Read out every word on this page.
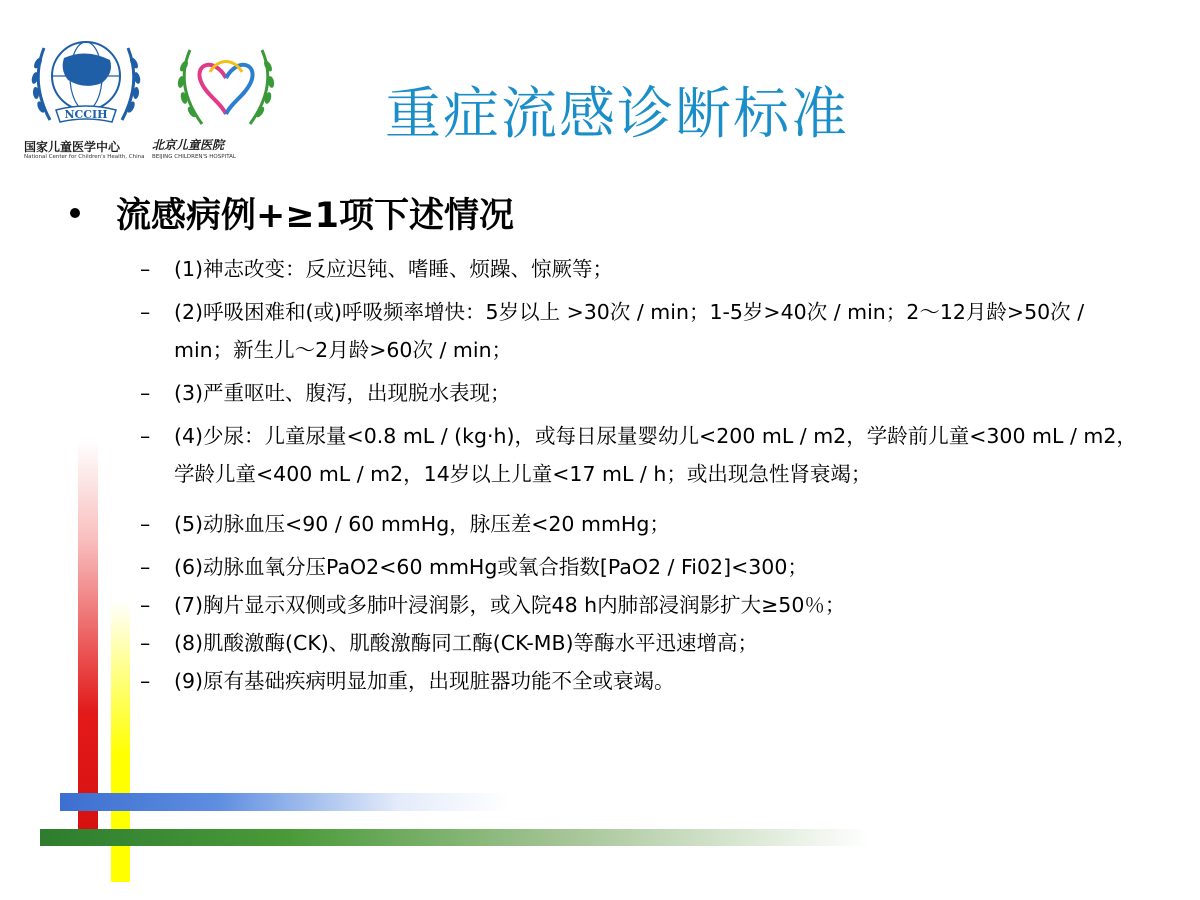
NCCIH
国家儿童医学中心
National Center for Children's Health, China
北京儿童医院
BEIJING CHILDREN'S HOSPITAL
重症流感诊断标准
流感病例+≥1项下述情况
– (1)神志改变：反应迟钝、嗜睡、烦躁、惊厥等；
– (2)呼吸困难和(或)呼吸频率增快：5岁以上 >30次 / min；1-5岁>40次 / min；2～12月龄>50次 / min；新生儿～2月龄>60次 / min；
– (3)严重呕吐、腹泻，出现脱水表现；
– (4)少尿：儿童尿量<0.8 mL / (kg·h)，或每日尿量婴幼儿<200 mL / m2，学龄前儿童<300 mL / m2，学龄儿童<400 mL / m2，14岁以上儿童<17 mL / h；或出现急性肾衰竭；
– (5)动脉血压<90 / 60 mmHg，脉压差<20 mmHg；
– (6)动脉血氧分压PaO2<60 mmHg或氧合指数[PaO2 / Fi02]<300；
– (7)胸片显示双侧或多肺叶浸润影，或入院48 h内肺部浸润影扩大≥50％；
– (8)肌酸激酶(CK)、肌酸激酶同工酶(CK-MB)等酶水平迅速增高；
– (9)原有基础疾病明显加重，出现脏器功能不全或衰竭。
